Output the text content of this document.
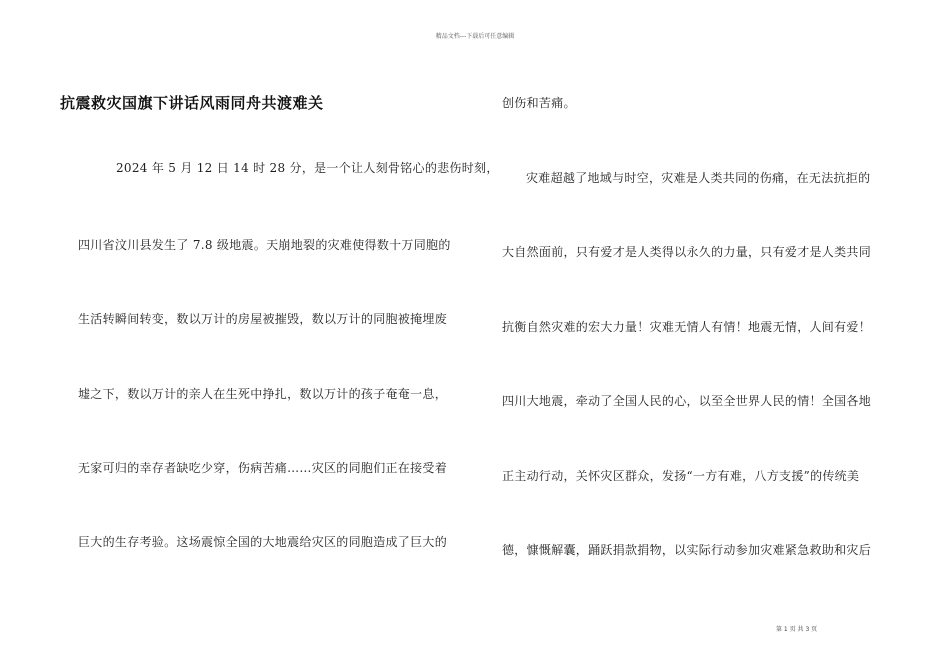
精品文档---下载后可任意编辑
抗震救灾国旗下讲话风雨同舟共渡难关
2024 年 5 月 12 日 14 时 28 分，是一个让人刻骨铭心的悲伤时刻，
四川省汶川县发生了 7.8 级地震。天崩地裂的灾难使得数十万同胞的
生活转瞬间转变，数以万计的房屋被摧毁，数以万计的同胞被掩埋废
墟之下，数以万计的亲人在生死中挣扎，数以万计的孩子奄奄一息，
无家可归的幸存者缺吃少穿，伤病苦痛……灾区的同胞们正在接受着
巨大的生存考验。这场震惊全国的大地震给灾区的同胞造成了巨大的
创伤和苦痛。
灾难超越了地域与时空，灾难是人类共同的伤痛，在无法抗拒的
大自然面前，只有爱才是人类得以永久的力量，只有爱才是人类共同
抗衡自然灾难的宏大力量！灾难无情人有情！地震无情，人间有爱！
四川大地震，牵动了全国人民的心，以至全世界人民的情！全国各地
正主动行动，关怀灾区群众，发扬“一方有难，八方支援”的传统美
德，慷慨解囊，踊跃捐款捐物，以实际行动参加灾难紧急救助和灾后
第 1 页 共 3 页
